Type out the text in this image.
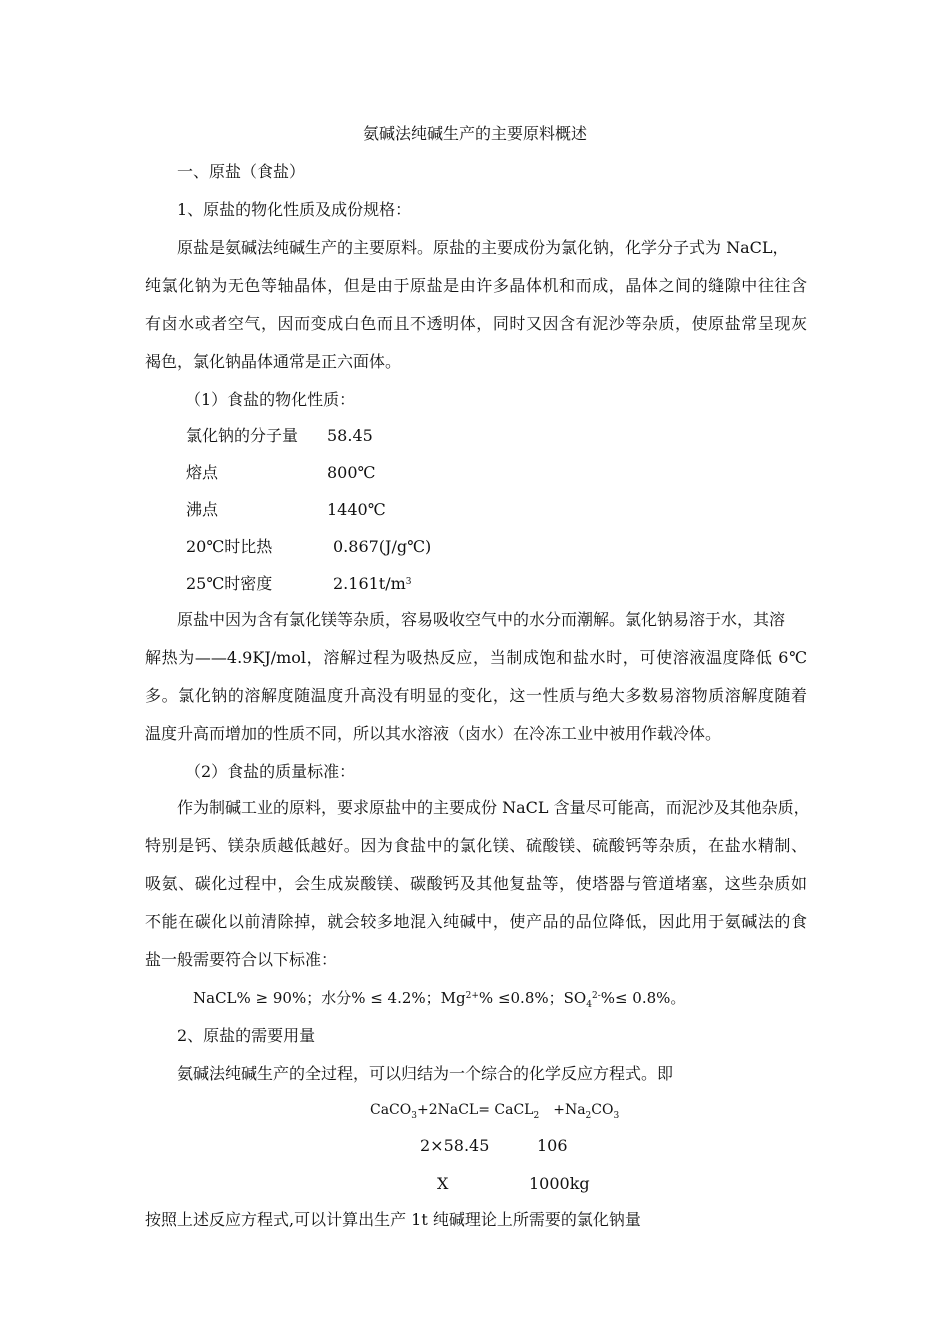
氨碱法纯碱生产的主要原料概述

一、原盐（食盐）

1、原盐的物化性质及成份规格：

原盐是氨碱法纯碱生产的主要原料。原盐的主要成份为氯化钠，化学分子式为 NaCL，

纯氯化钠为无色等轴晶体，但是由于原盐是由许多晶体机和而成，晶体之间的缝隙中往往含

有卤水或者空气，因而变成白色而且不透明体，同时又因含有泥沙等杂质，使原盐常呈现灰

褐色，氯化钠晶体通常是正六面体。

（1）食盐的物化性质：

氯化钠的分子量 58.45

熔点	800℃

沸点	1440℃

20℃时比热	0.867(J/g℃)

25℃时密度	$2.161t/m^3$

原盐中因为含有氯化镁等杂质，容易吸收空气中的水分而潮解。氯化钠易溶于水，其溶

解热为——4.9KJ/mol，溶解过程为吸热反应，当制成饱和盐水时，可使溶液温度降低 6℃

多。氯化钠的溶解度随温度升高没有明显的变化，这一性质与绝大多数易溶物质溶解度随着

温度升高而增加的性质不同，所以其水溶液（卤水）在冷冻工业中被用作载冷体。

（2）食盐的质量标准：

作为制碱工业的原料，要求原盐中的主要成份 NaCL 含量尽可能高，而泥沙及其他杂质，

特别是钙、镁杂质越低越好。因为食盐中的氯化镁、硫酸镁、硫酸钙等杂质，在盐水精制、

吸氨、碳化过程中，会生成炭酸镁、碳酸钙及其他复盐等，使塔器与管道堵塞，这些杂质如

不能在碳化以前清除掉，就会较多地混入纯碱中，使产品的品位降低，因此用于氨碱法的食

盐一般需要符合以下标准：

NaCL% ≥ 90%；水分% ≤ 4.2%；$Mg^{2+}\% \le 0.8\%$；$SO_4^{2-}\%\le 0.8\%$。

2、原盐的需要用量

氨碱法纯碱生产的全过程，可以归结为一个综合的化学反应方程式。即

CaCO$_3$+2NaCL= CaCL$_2$ $+Na_2CO_3$

2×58.45	106

X	1000kg

按照上述反应方程式,可以计算出生产 1t 纯碱理论上所需要的氯化钠量
